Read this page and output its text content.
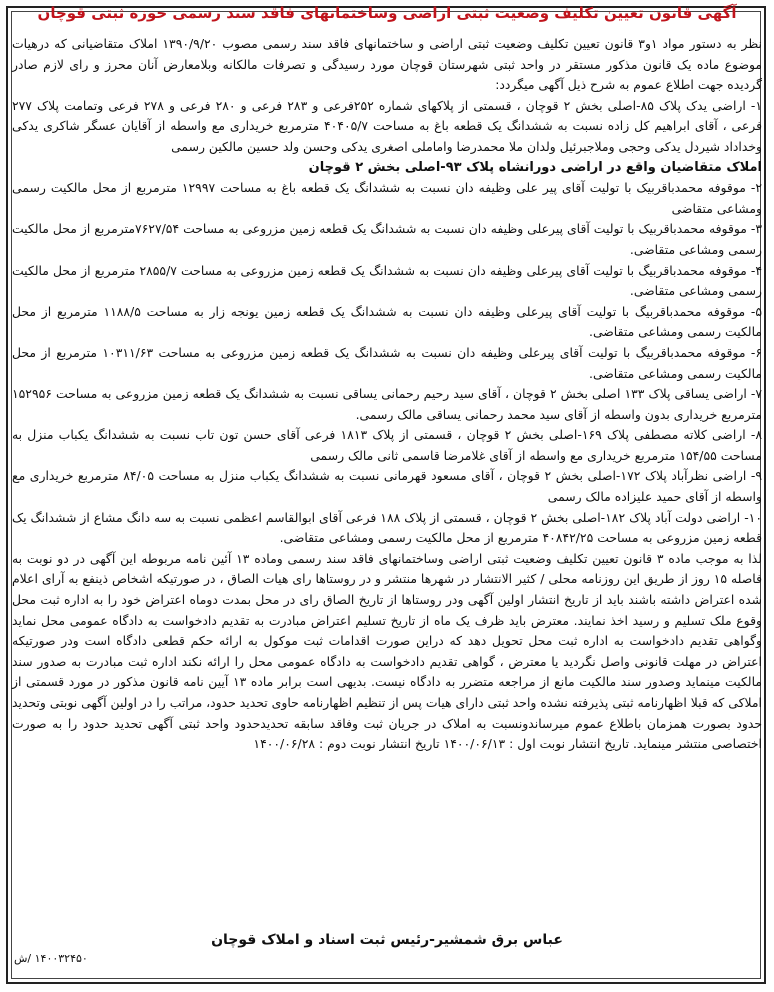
آگهی قانون تعیین تکلیف وضعیت ثبتی اراضی وساختمانهای فاقد سند رسمی حوزه ثبتی قوچان

نظر به دستور مواد ۱و۳ قانون تعیین تکلیف وضعیت ثبتی اراضی و ساختمانهای فاقد سند رسمی مصوب ۱۳۹۰/۹/۲۰ املاک متقاضیانی که درهیات موضوع ماده یک قانون مذکور مستقر در واحد ثبتی شهرستان قوچان مورد رسیدگی و تصرفات مالکانه وبلامعارض آنان محرز و رای لازم صادر گردیده جهت اطلاع عموم به شرح ذیل آگهی میگردد:

۱- اراضی یدک پلاک ۸۵-اصلی بخش ۲ قوچان ، قسمتی از پلاکهای شماره ۲۵۲فرعی و ۲۸۳ فرعی و ۲۸۰ فرعی و ۲۷۸ فرعی وتمامت پلاک ۲۷۷ فرعی ، آقای ابراهیم کل زاده نسبت به ششدانگ یک قطعه باغ به مساحت ۴۰۴۰۵/۷ مترمربع خریداری مع واسطه از آقایان عسگر شاکری یدکی وخداداد شیردل یدکی وحجی وملاجبرئیل ولدان ملا محمدرضا واماملی اصغری یدکی وحسن ولد حسین مالکین رسمی

املاک متقاضیان واقع در اراضی دورانشاه پلاک ۹۳-اصلی بخش ۲ قوچان

۲- موقوفه محمدباقربیک با تولیت آقای پیر علی وظیفه دان نسبت به ششدانگ یک قطعه باغ به مساحت ۱۲۹۹۷ مترمربع از محل مالکیت رسمی ومشاعی متقاضی

۳- موقوفه محمدباقربیک با تولیت آقای پیرعلی وظیفه دان نسبت به ششدانگ یک قطعه زمین مزروعی به مساحت ۷۶۲۷/۵۴مترمربع از محل مالکیت رسمی ومشاعی متقاضی.

۴- موقوفه محمدباقربیگ با تولیت آقای پیرعلی وظیفه دان نسبت به ششدانگ یک قطعه زمین مزروعی به مساحت ۲۸۵۵/۷ مترمربع از محل مالکیت رسمی ومشاعی متقاضی.

۵- موقوفه محمدباقربیگ با تولیت آقای پیرعلی وظیفه دان نسبت به ششدانگ یک قطعه زمین یونجه زار به مساحت ۱۱۸۸/۵ مترمربع از محل مالکیت رسمی ومشاعی متقاضی.

۶- موقوفه محمدباقربیگ با تولیت آقای پیرعلی وظیفه دان نسبت به ششدانگ یک قطعه زمین مزروعی به مساحت ۱۰۳۱۱/۶۳ مترمربع از محل مالکیت رسمی ومشاعی متقاضی.

۷- اراضی یساقی پلاک ۱۳۳ اصلی بخش ۲ قوچان ، آقای سید رحیم رحمانی یساقی نسبت به ششدانگ یک قطعه زمین مزروعی به مساحت ۱۵۲۹۵۶ مترمربع خریداری بدون واسطه از آقای سید محمد رحمانی یساقی مالک رسمی.

۸- اراضی کلاته مصطفی پلاک ۱۶۹-اصلی بخش ۲ قوچان ، قسمتی از پلاک ۱۸۱۳ فرعی آقای حسن تون تاب نسبت به ششدانگ یکباب منزل به مساحت ۱۵۴/۵۵ مترمربع خریداری مع واسطه از آقای غلامرضا قاسمی ثانی مالک رسمی

۹- اراضی نظرآباد پلاک ۱۷۲-اصلی بخش ۲ قوچان ، آقای مسعود قهرمانی نسبت به ششدانگ یکباب منزل به مساحت ۸۴/۰۵ مترمربع خریداری مع واسطه از آقای حمید علیزاده مالک رسمی

۱۰- اراضی دولت آباد پلاک ۱۸۲-اصلی بخش ۲ قوچان ، قسمتی از پلاک ۱۸۸ فرعی آقای ابوالقاسم اعظمی نسبت به سه دانگ مشاع از ششدانگ یک قطعه زمین مزروعی به مساحت ۴۰۸۴۲/۲۵ مترمربع از محل مالکیت رسمی ومشاعی متقاضی.

لذا به موجب ماده ۳ قانون تعیین تکلیف وضعیت ثبتی اراضی وساختمانهای فاقد سند رسمی وماده ۱۳ آئین نامه مربوطه این آگهی در دو نوبت به فاصله ۱۵ روز از طریق این روزنامه محلی / کثیر الانتشار در شهرها منتشر و در روستاها رای هیات الصاق ، در صورتیکه اشخاص ذینفع به آرای اعلام شده اعتراض داشته باشند باید از تاریخ انتشار اولین آگهی ودر روستاها از تاریخ الصاق رای در محل بمدت دوماه اعتراض خود را به اداره ثبت محل وقوع ملک تسلیم و رسید اخذ نمایند. معترض باید ظرف یک ماه از تاریخ تسلیم اعتراض مبادرت به تقدیم دادخواست به دادگاه عمومی محل نماید وگواهی تقدیم دادخواست به اداره ثبت محل تحویل دهد که دراین صورت اقدامات ثبت موکول به ارائه حکم قطعی دادگاه است ودر صورتیکه اعتراض در مهلت قانونی واصل نگردید یا معترض ، گواهی تقدیم دادخواست به دادگاه عمومی محل را ارائه نکند اداره ثبت مبادرت به صدور سند مالکیت مینماید وصدور سند مالکیت مانع از مراجعه متضرر به دادگاه نیست. بدیهی است برابر ماده ۱۳ آیین نامه قانون مذکور در مورد قسمتی از املاکی که قبلا اظهارنامه ثبتی پذیرفته نشده واحد ثبتی دارای هیات پس از تنظیم اظهارنامه حاوی تحدید حدود، مراتب را در اولین آگهی نوبتی وتحدید حدود بصورت همزمان باطلاع عموم میرساندونسبت به املاک در جریان ثبت وفاقد سابقه تحدیدحدود واحد ثبتی آگهی تحدید حدود را به صورت اختصاصی منتشر مینماید. تاریخ انتشار نوبت اول : ۱۴۰۰/۰۶/۱۳ تاریخ انتشار نوبت دوم : ۱۴۰۰/۰۶/۲۸

عباس برق شمشیر-رئیس ثبت اسناد و املاک قوچان
۱۴۰۰۳۲۴۵۰ /ش
